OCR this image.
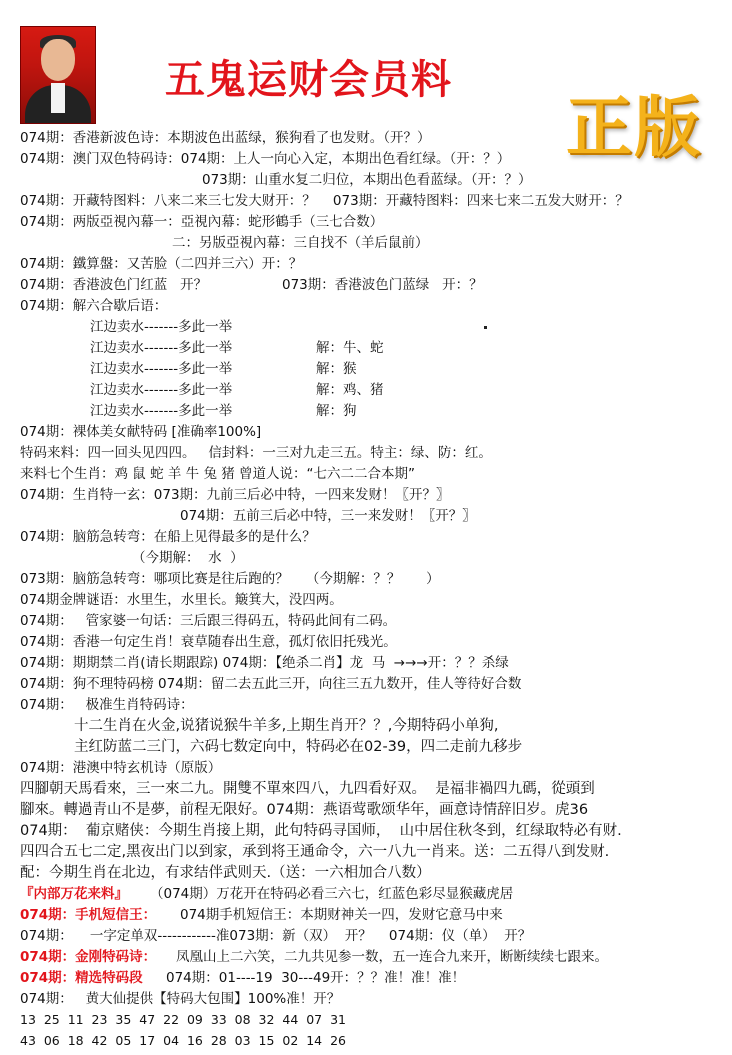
五鬼运财会员料
正版
074期：香港新波色诗：本期波色出蓝绿，猴狗看了也发财。（开？）
074期：澳门双色特码诗：074期：上人一向心入定，本期出色看红绿。（开：？）
073期：山重水复二归位，本期出色看蓝绿。（开：？）
074期：开藏特图料：八来二来三七发大财开：？    073期：开藏特图料：四来七来二五发大财开：？
074期：两版亞視內幕一：亞視內幕：蛇形鶴手（三七合数）
二：另版亞視內幕：三自找不（羊后鼠前）
074期：鐵算盤：又苦脸（二四并三六）开：？
074期：香港波色门红蓝   开？	073期：香港波色门蓝绿   开：？
074期：解六合歇后语：
江边卖水-------多此一举
江边卖水-------多此一举	解：牛、蛇
江边卖水-------多此一举	解：猴
江边卖水-------多此一举	解：鸡、猪
江边卖水-------多此一举	解：狗
074期：裸体美女献特码 [准确率100%]
特码来料：四一回头见四四。   信封料：一三对九走三五。特主：绿、防：红。
来料七个生肖：鸡 鼠 蛇 羊 牛 兔 猪 曾道人说：“七六二二合本期”
074期：生肖特一玄：073期：九前三后必中特，一四来发财！〖开？〗
074期：五前三后必中特，三一来发财！〖开？〗
074期：脑筋急转弯：在船上见得最多的是什么？
（今期解：  水  ）
073期：脑筋急转弯：哪项比赛是往后跑的？    （今期解：？？      ）
074期金牌谜语：水里生，水里长。簸箕大，没四两。
074期：   管家婆一句话：三后跟三得码五，特码此间有二码。
074期：香港一句定生肖！衰草随春出生意，孤灯依旧托残光。
074期：期期禁二肖(请长期跟踪) 074期：【绝杀二肖】龙  马  →→→开：？？杀绿
074期：狗不理特码榜 074期：留二去五此三开，向往三五九数开，佳人等待好合数
074期：   极准生肖特码诗：
十二生肖在火金,说猪说猴牛羊多,上期生肖开？？,今期特码小单狗,
主红防蓝二三门，六码七数定向中，特码必在02-39，四二走前九移步
074期：港澳中特玄机诗（原版）
四腳朝天馬看來，三一來二九。開雙不單來四八，九四看好双。  是福非禍四九碼，從頭到
腳來。轉過青山不是夢，前程无限好。074期：燕语莺歌颂华年，画意诗情辞旧岁。虎36
074期：  葡京赌侠：今期生肖接上期，此句特码寻国师，  山中居住秋冬到，红绿取特必有财.
四四合五七二定,黑夜出门以到家，承到将王通命令，六一八九一肖来。送：二五得八到发财.
配：今期生肖在北边，有求结伴武则天.（送：一六相加合八数）
『内部万花来料』 （074期）万花开在特码必看三六七，红蓝色彩尽显猴藏虎居
074期：手机短信王： 074期手机短信王：本期财神关一四，发财它意马中来
074期：    一字定单双------------准073期：新（双）  开？    074期：仪（单）  开？
074期：金刚特码诗： 凤凰山上二六笑，二九共见参一数，五一连合九来开，断断续续七跟来。
074期：精选特码段 074期：01----19  30---49开：？？准！准！准！
074期：   黄大仙提供【特码大包围】100%准！开？
13  25  11  23  35  47  22  09  33  08  32  44  07  31
43  06  18  42  05  17  04  16  28  03  15  02  14  26
